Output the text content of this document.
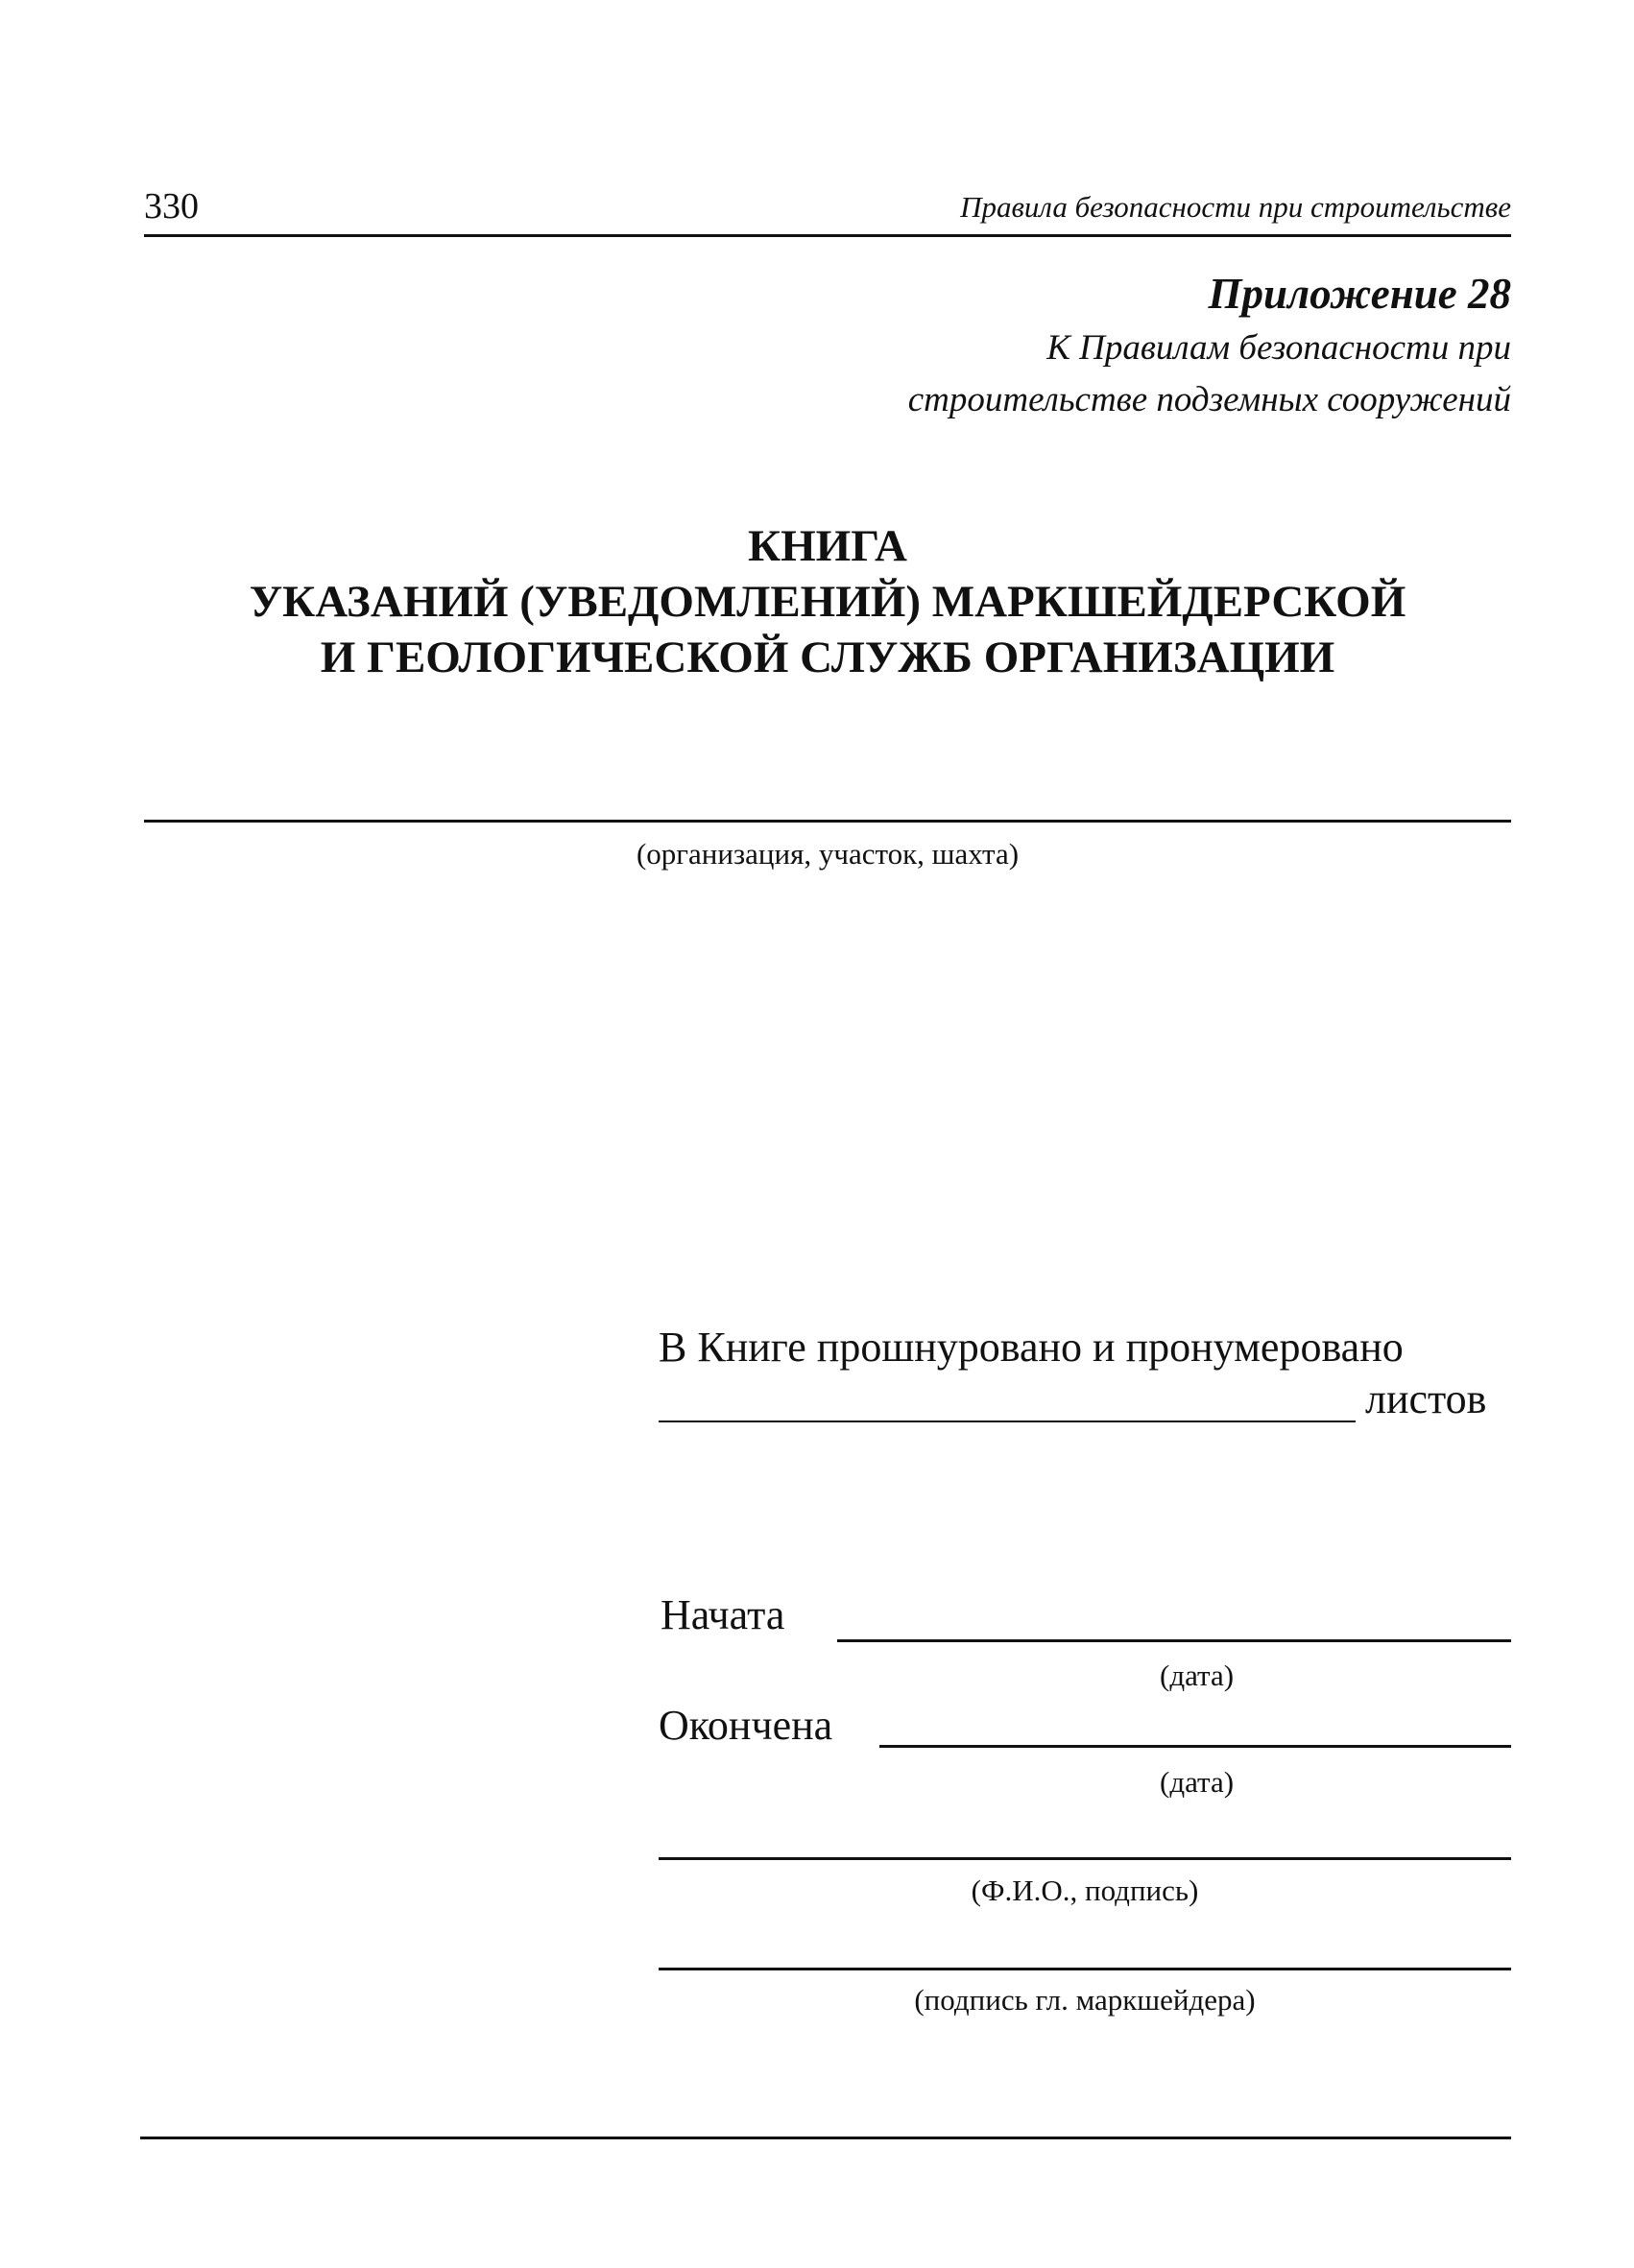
330	Правила безопасности при строительстве
Приложение 28
К Правилам безопасности при
строительстве подземных сооружений
КНИГА
УКАЗАНИЙ (УВЕДОМЛЕНИЙ) МАРКШЕЙДЕРСКОЙ
И ГЕОЛОГИЧЕСКОЙ СЛУЖБ ОРГАНИЗАЦИИ
(организация, участок, шахта)
В Книге прошнуровано и пронумеровано
листов
Начата
(дата)
Окончена
(дата)
(Ф.И.О., подпись)
(подпись гл. маркшейдера)
